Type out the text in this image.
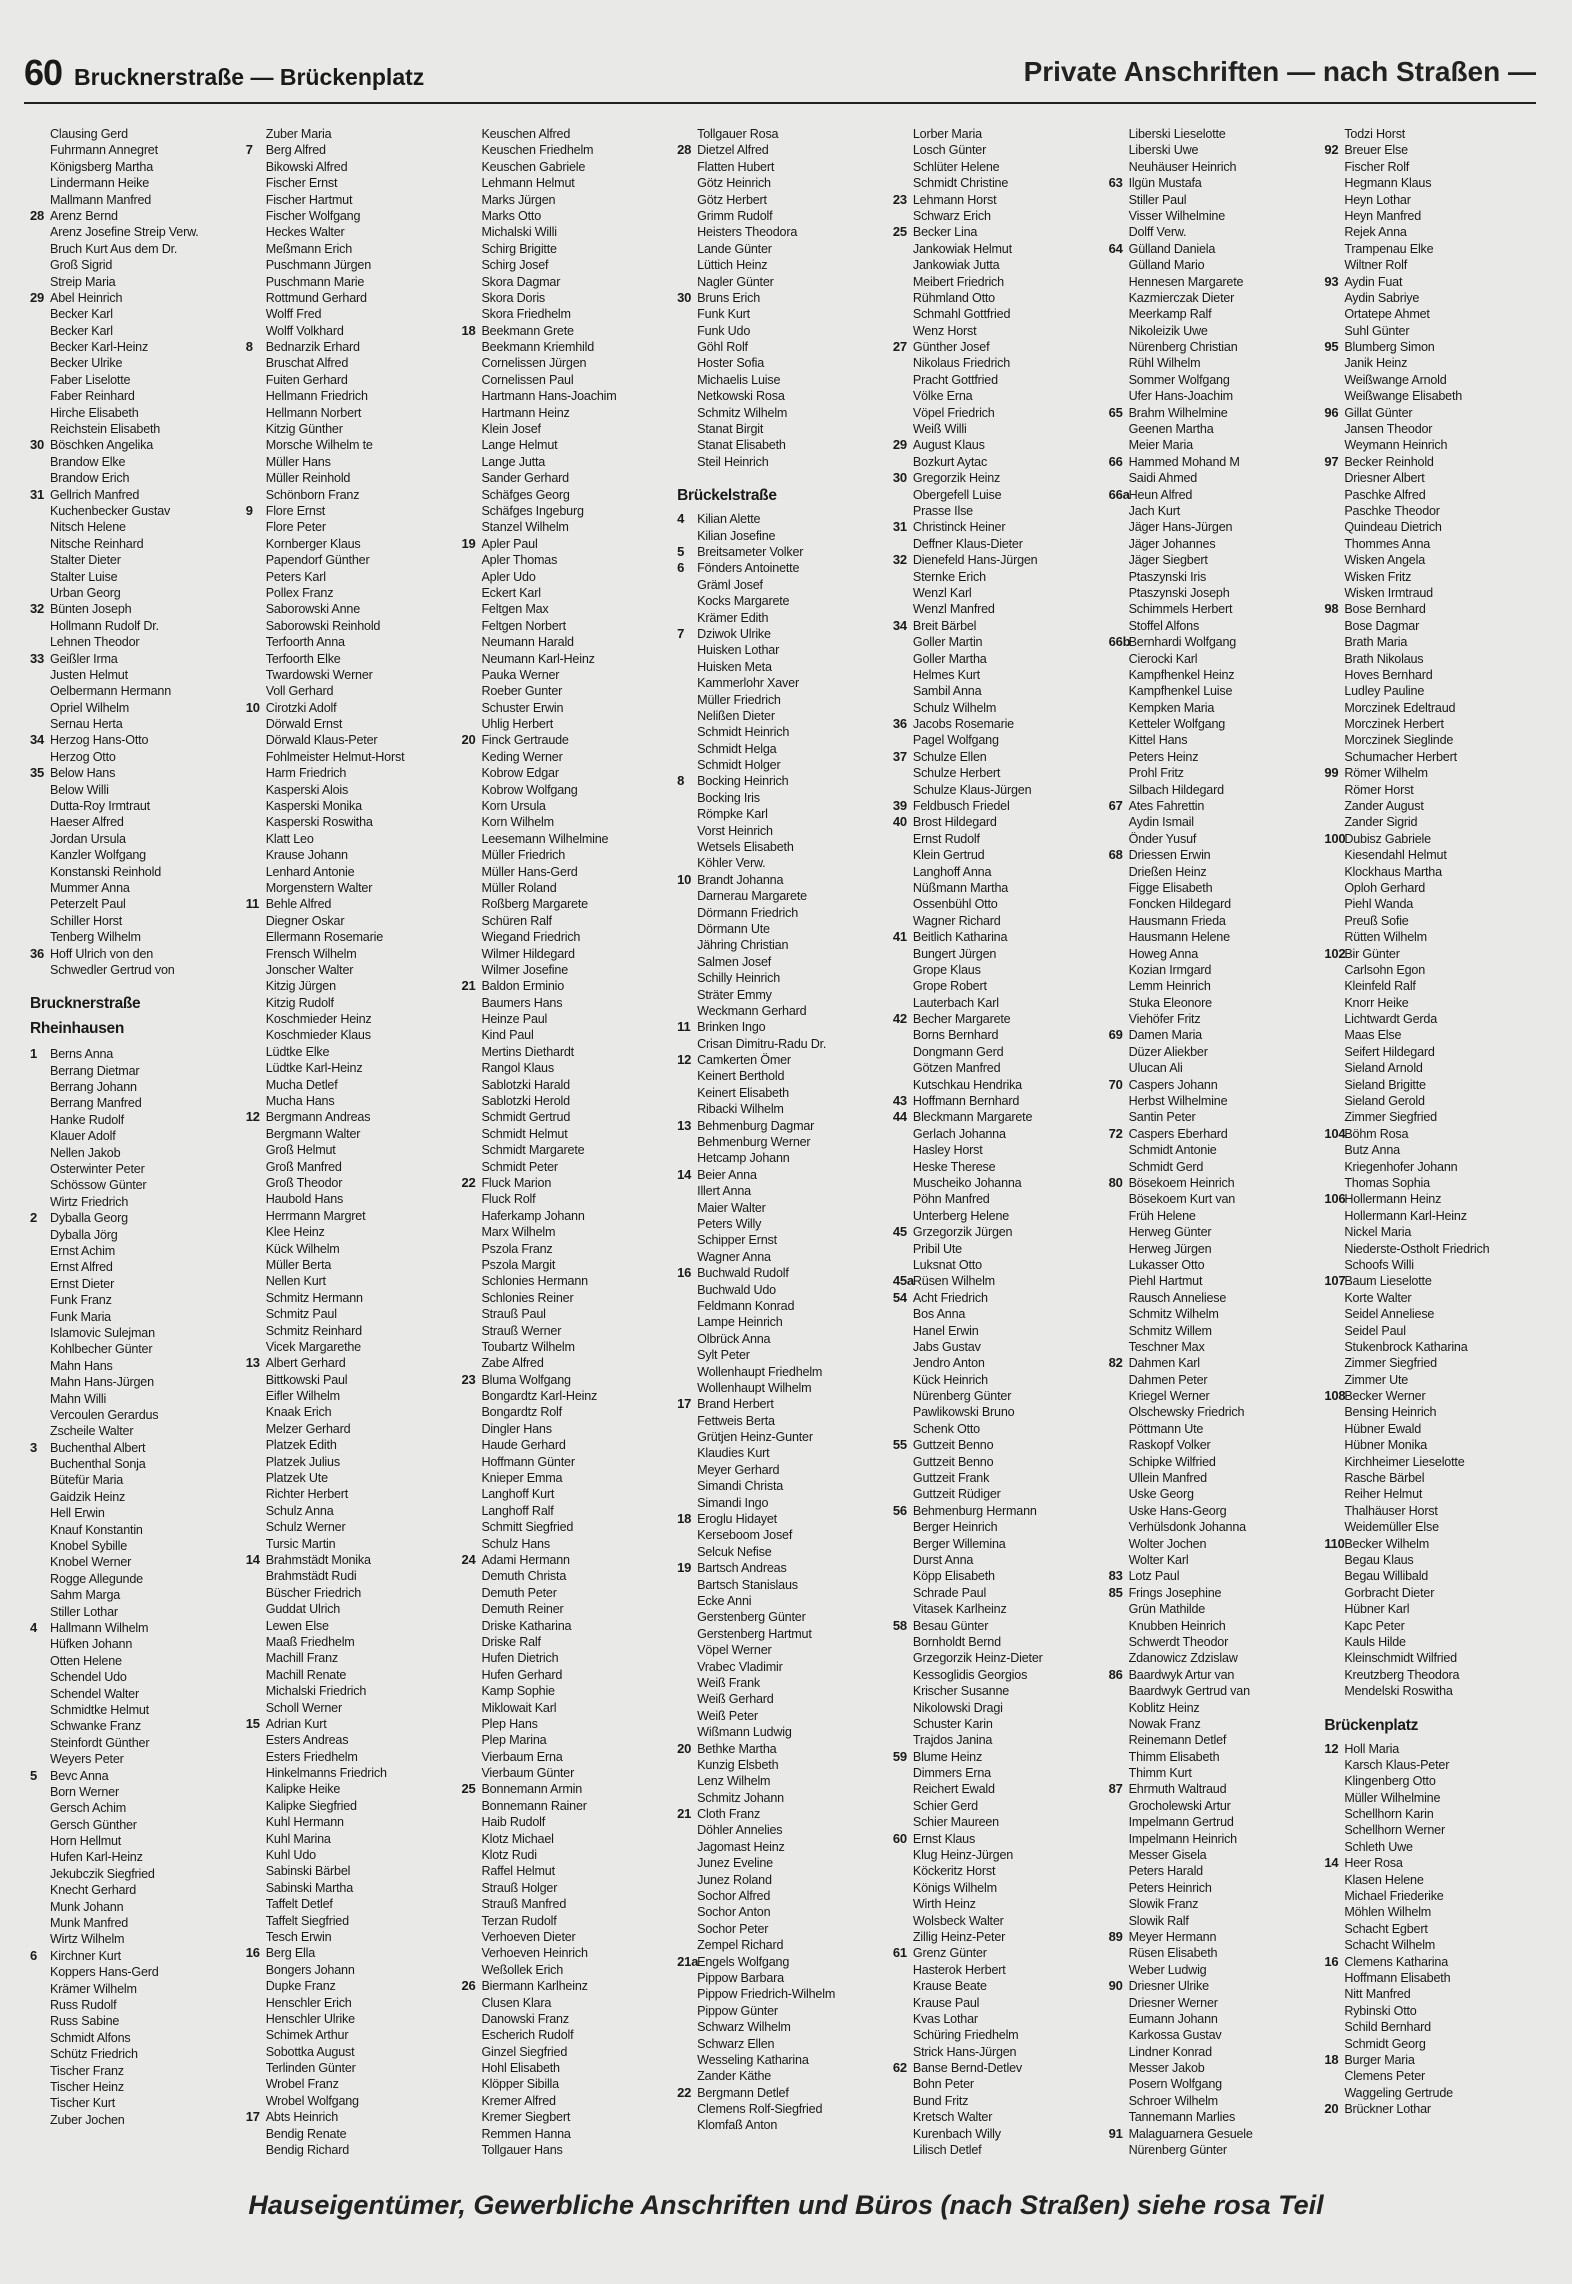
60 Brucknerstraße — Brückenplatz	Private Anschriften — nach Straßen —
Clausing Gerd
Fuhrmann Annegret
Königsberg Martha
Lindermann Heike
Mallmann Manfred
28 Arenz Bernd
Arenz Josefine Streip Verw.
Bruch Kurt Aus dem Dr.
Groß Sigrid
Streip Maria
29 Abel Heinrich
Becker Karl
Becker Karl
Becker Karl-Heinz
Becker Ulrike
Faber Liselotte
Faber Reinhard
Hirche Elisabeth
Reichstein Elisabeth
30 Böschken Angelika
Brandow Elke
Brandow Erich
31 Gellrich Manfred
Kuchenbecker Gustav
Nitsch Helene
Nitsche Reinhard
Stalter Dieter
Stalter Luise
Urban Georg
32 Bünten Joseph
Hollmann Rudolf Dr.
Lehnen Theodor
33 Geißler Irma
Justen Helmut
Oelbermann Hermann
Opriel Wilhelm
Sernau Herta
34 Herzog Hans-Otto
Herzog Otto
35 Below Hans
Below Willi
Dutta-Roy Irmtraut
Haeser Alfred
Jordan Ursula
Kanzler Wolfgang
Konstanski Reinhold
Mummer Anna
Peterzelt Paul
Schiller Horst
Tenberg Wilhelm
36 Hoff Ulrich von den
Schwedler Gertrud von
Brucknerstraße
Rheinhausen
1 Berns Anna
Berrang Dietmar
Berrang Johann
Berrang Manfred
Hanke Rudolf
Klauer Adolf
Nellen Jakob
Osterwinter Peter
Schössow Günter
Wirtz Friedrich
2 Dyballa Georg
Dyballa Jörg
Ernst Achim
Ernst Alfred
Ernst Dieter
Funk Franz
Funk Maria
Islamovic Sulejman
Kohlbecher Günter
Mahn Hans
Mahn Hans-Jürgen
Mahn Willi
Vercoulen Gerardus
Zscheile Walter
3 Buchenthal Albert
Buchenthal Sonja
Bütefür Maria
Gaidzik Heinz
Hell Erwin
Knauf Konstantin
Knobel Sybille
Knobel Werner
Rogge Allegunde
Sahm Marga
Stiller Lothar
4 Hallmann Wilhelm
Hüfken Johann
Otten Helene
Schendel Udo
Schendel Walter
Schmidtke Helmut
Schwanke Franz
Steinfordt Günther
Weyers Peter
5 Bevc Anna
Born Werner
Gersch Achim
Gersch Günther
Horn Hellmut
Hufen Karl-Heinz
Jekubczik Siegfried
Knecht Gerhard
Munk Johann
Munk Manfred
Wirtz Wilhelm
6 Kirchner Kurt
Koppers Hans-Gerd
Krämer Wilhelm
Russ Rudolf
Russ Sabine
Schmidt Alfons
Schütz Friedrich
Tischer Franz
Tischer Heinz
Tischer Kurt
Zuber Jochen
Zuber Maria
7 Berg Alfred
Bikowski Alfred
Fischer Ernst
Fischer Hartmut
Fischer Wolfgang
Heckes Walter
Meßmann Erich
Puschmann Jürgen
Puschmann Marie
Rottmund Gerhard
Wolff Fred
Wolff Volkhard
8 Bednarzik Erhard
Bruschat Alfred
Fuiten Gerhard
Hellmann Friedrich
Hellmann Norbert
Kitzig Günther
Morsche Wilhelm te
Müller Hans
Müller Reinhold
Schönborn Franz
9 Flore Ernst
Flore Peter
Kornberger Klaus
Papendorf Günther
Peters Karl
Pollex Franz
Saborowski Anne
Saborowski Reinhold
Terfoorth Anna
Terfoorth Elke
Twardowski Werner
Voll Gerhard
10 Cirotzki Adolf
Dörwald Ernst
Dörwald Klaus-Peter
Fohlmeister Helmut-Horst
Harm Friedrich
Kasperski Alois
Kasperski Monika
Kasperski Roswitha
Klatt Leo
Krause Johann
Lenhard Antonie
Morgenstern Walter
11 Behle Alfred
Diegner Oskar
Ellermann Rosemarie
Frensch Wilhelm
Jonscher Walter
Kitzig Jürgen
Kitzig Rudolf
Koschmieder Heinz
Koschmieder Klaus
Lüdtke Elke
Lüdtke Karl-Heinz
Mucha Detlef
Mucha Hans
12 Bergmann Andreas
Bergmann Walter
Groß Helmut
Groß Manfred
Groß Theodor
Haubold Hans
Herrmann Margret
Klee Heinz
Kück Wilhelm
Müller Berta
Nellen Kurt
Schmitz Hermann
Schmitz Paul
Schmitz Reinhard
Vicek Margarethe
13 Albert Gerhard
Bittkowski Paul
Eifler Wilhelm
Knaak Erich
Melzer Gerhard
Platzek Edith
Platzek Julius
Platzek Ute
Richter Herbert
Schulz Anna
Schulz Werner
Tursic Martin
14 Brahmstädt Monika
Brahmstädt Rudi
Büscher Friedrich
Guddat Ulrich
Lewen Else
Maaß Friedhelm
Machill Franz
Machill Renate
Michalski Friedrich
Scholl Werner
15 Adrian Kurt
Esters Andreas
Esters Friedhelm
Hinkelmanns Friedrich
Kalipke Heike
Kalipke Siegfried
Kuhl Hermann
Kuhl Marina
Kuhl Udo
Sabinski Bärbel
Sabinski Martha
Taffelt Detlef
Taffelt Siegfried
Tesch Erwin
16 Berg Ella
Bongers Johann
Dupke Franz
Henschler Erich
Henschler Ulrike
Schimek Arthur
Sobottka August
Terlinden Günter
Wrobel Franz
Wrobel Wolfgang
17 Abts Heinrich
Bendig Renate
Bendig Richard
Keuschen Alfred
Keuschen Friedhelm
Keuschen Gabriele
Lehmann Helmut
Marks Jürgen
Marks Otto
Michalski Willi
Schirg Brigitte
Schirg Josef
Skora Dagmar
Skora Doris
Skora Friedhelm
18 Beekmann Grete
Beekmann Kriemhild
Cornelissen Jürgen
Cornelissen Paul
Hartmann Hans-Joachim
Hartmann Heinz
Klein Josef
Lange Helmut
Lange Jutta
Sander Gerhard
Schäfges Georg
Schäfges Ingeburg
Stanzel Wilhelm
19 Apler Paul
Apler Thomas
Apler Udo
Eckert Karl
Feltgen Max
Feltgen Norbert
Neumann Harald
Neumann Karl-Heinz
Pauka Werner
Roeber Gunter
Schuster Erwin
Uhlig Herbert
20 Finck Gertraude
Keding Werner
Kobrow Edgar
Kobrow Wolfgang
Korn Ursula
Korn Wilhelm
Leesemann Wilhelmine
Müller Friedrich
Müller Hans-Gerd
Müller Roland
Roßberg Margarete
Schüren Ralf
Wiegand Friedrich
Wilmer Hildegard
Wilmer Josefine
21 Baldon Erminio
Baumers Hans
Heinze Paul
Kind Paul
Mertins Diethardt
Rangol Klaus
Sablotzki Harald
Sablotzki Herold
Schmidt Gertrud
Schmidt Helmut
Schmidt Margarete
Schmidt Peter
22 Fluck Marion
Fluck Rolf
Haferkamp Johann
Marx Wilhelm
Pszola Franz
Pszola Margit
Schlonies Hermann
Schlonies Reiner
Strauß Paul
Strauß Werner
Toubartz Wilhelm
Zabe Alfred
23 Bluma Wolfgang
Bongardtz Karl-Heinz
Bongardtz Rolf
Dingler Hans
Haude Gerhard
Hoffmann Günter
Knieper Emma
Langhoff Kurt
Langhoff Ralf
Schmitt Siegfried
Schulz Hans
24 Adami Hermann
Demuth Christa
Demuth Peter
Demuth Reiner
Driske Katharina
Driske Ralf
Hufen Dietrich
Hufen Gerhard
Kamp Sophie
Miklowait Karl
Plep Hans
Plep Marina
Vierbaum Erna
Vierbaum Günter
25 Bonnemann Armin
Bonnemann Rainer
Haib Rudolf
Klotz Michael
Klotz Rudi
Raffel Helmut
Strauß Holger
Strauß Manfred
Terzan Rudolf
Verhoeven Dieter
Verhoeven Heinrich
Weßollek Erich
26 Biermann Karlheinz
Clusen Klara
Danowski Franz
Escherich Rudolf
Ginzel Siegfried
Hohl Elisabeth
Klöpper Sibilla
Kremer Alfred
Kremer Siegbert
Remmen Hanna
Tollgauer Hans
Tollgauer Rosa
28 Dietzel Alfred
Flatten Hubert
Götz Heinrich
Götz Herbert
Grimm Rudolf
Heisters Theodora
Lande Günter
Lüttich Heinz
Nagler Günter
30 Bruns Erich
Funk Kurt
Funk Udo
Göhl Rolf
Hoster Sofia
Michaelis Luise
Netkowski Rosa
Schmitz Wilhelm
Stanat Birgit
Stanat Elisabeth
Steil Heinrich
Brückelstraße
4 Kilian Alette
Kilian Josefine
5 Breitsameter Volker
6 Fönders Antoinette
Gräml Josef
Kocks Margarete
Krämer Edith
7 Dziwok Ulrike
Huisken Lothar
Huisken Meta
Kammerlohr Xaver
Müller Friedrich
Nelißen Dieter
Schmidt Heinrich
Schmidt Helga
Schmidt Holger
8 Bocking Heinrich
Bocking Iris
Römpke Karl
Vorst Heinrich
Wetsels Elisabeth
Köhler Verw.
10 Brandt Johanna
Darnerau Margarete
Dörmann Friedrich
Dörmann Ute
Jähring Christian
Salmen Josef
Schilly Heinrich
Sträter Emmy
Weckmann Gerhard
11 Brinken Ingo
Crisan Dimitru-Radu Dr.
12 Camkerten Ömer
Keinert Berthold
Keinert Elisabeth
Ribacki Wilhelm
13 Behmenburg Dagmar
Behmenburg Werner
Hetcamp Johann
14 Beier Anna
Illert Anna
Maier Walter
Peters Willy
Schipper Ernst
Wagner Anna
16 Buchwald Rudolf
Buchwald Udo
Feldmann Konrad
Lampe Heinrich
Olbrück Anna
Sylt Peter
Wollenhaupt Friedhelm
Wollenhaupt Wilhelm
17 Brand Herbert
Fettweis Berta
Grütjen Heinz-Gunter
Klaudies Kurt
Meyer Gerhard
Simandi Christa
Simandi Ingo
18 Eroglu Hidayet
Kerseboom Josef
Selcuk Nefise
19 Bartsch Andreas
Bartsch Stanislaus
Ecke Anni
Gerstenberg Günter
Gerstenberg Hartmut
Vöpel Werner
Vrabec Vladimir
Weiß Frank
Weiß Gerhard
Weiß Peter
Wißmann Ludwig
20 Bethke Martha
Kunzig Elsbeth
Lenz Wilhelm
Schmitz Johann
21 Cloth Franz
Döhler Annelies
Jagomast Heinz
Junez Eveline
Junez Roland
Sochor Alfred
Sochor Anton
Sochor Peter
Zempel Richard
21aEngels Wolfgang
Pippow Barbara
Pippow Friedrich-Wilhelm
Pippow Günter
Schwarz Wilhelm
Schwarz Ellen
Wesseling Katharina
Zander Käthe
22 Bergmann Detlef
Clemens Rolf-Siegfried
Klomfaß Anton
Lorber Maria
Losch Günter
Schlüter Helene
Schmidt Christine
23 Lehmann Horst
Schwarz Erich
25 Becker Lina
Jankowiak Helmut
Jankowiak Jutta
Meibert Friedrich
Rühmland Otto
Schmahl Gottfried
Wenz Horst
27 Günther Josef
Nikolaus Friedrich
Pracht Gottfried
Völke Erna
Vöpel Friedrich
Weiß Willi
29 August Klaus
Bozkurt Aytac
30 Gregorzik Heinz
Obergefell Luise
Prasse Ilse
31 Christinck Heiner
Deffner Klaus-Dieter
32 Dienefeld Hans-Jürgen
Sternke Erich
Wenzl Karl
Wenzl Manfred
34 Breit Bärbel
Goller Martin
Goller Martha
Helmes Kurt
Sambil Anna
Schulz Wilhelm
36 Jacobs Rosemarie
Pagel Wolfgang
37 Schulze Ellen
Schulze Herbert
Schulze Klaus-Jürgen
39 Feldbusch Friedel
40 Brost Hildegard
Ernst Rudolf
Klein Gertrud
Langhoff Anna
Nüßmann Martha
Ossenbühl Otto
Wagner Richard
41 Beitlich Katharina
Bungert Jürgen
Grope Klaus
Grope Robert
Lauterbach Karl
42 Becher Margarete
Borns Bernhard
Dongmann Gerd
Götzen Manfred
Kutschkau Hendrika
43 Hoffmann Bernhard
44 Bleckmann Margarete
Gerlach Johanna
Hasley Horst
Heske Therese
Muscheiko Johanna
Pöhn Manfred
Unterberg Helene
45 Grzegorzik Jürgen
Pribil Ute
Luksnat Otto
45aRüsen Wilhelm
54 Acht Friedrich
Bos Anna
Hanel Erwin
Jabs Gustav
Jendro Anton
Kück Heinrich
Nürenberg Günter
Pawlikowski Bruno
Schenk Otto
55 Guttzeit Benno
Guttzeit Benno
Guttzeit Frank
Guttzeit Rüdiger
56 Behmenburg Hermann
Berger Heinrich
Berger Willemina
Durst Anna
Köpp Elisabeth
Schrade Paul
Vitasek Karlheinz
58 Besau Günter
Bornholdt Bernd
Grzegorzik Heinz-Dieter
Kessoglidis Georgios
Krischer Susanne
Nikolowski Dragi
Schuster Karin
Trajdos Janina
59 Blume Heinz
Dimmers Erna
Reichert Ewald
Schier Gerd
Schier Maureen
60 Ernst Klaus
Klug Heinz-Jürgen
Köckeritz Horst
Königs Wilhelm
Wirth Heinz
Wolsbeck Walter
Zillig Heinz-Peter
61 Grenz Günter
Hasterok Herbert
Krause Beate
Krause Paul
Kvas Lothar
Schüring Friedhelm
Strick Hans-Jürgen
62 Banse Bernd-Detlev
Bohn Peter
Bund Fritz
Kretsch Walter
Kurenbach Willy
Lilisch Detlef
Liberski Lieselotte
Liberski Uwe
Neuhäuser Heinrich
63 Ilgün Mustafa
Stiller Paul
Visser Wilhelmine
Dolff Verw.
64 Gülland Daniela
Gülland Mario
Hennesen Margarete
Kazmierczak Dieter
Meerkamp Ralf
Nikoleizik Uwe
Nürenberg Christian
Rühl Wilhelm
Sommer Wolfgang
Ufer Hans-Joachim
65 Brahm Wilhelmine
Geenen Martha
Meier Maria
66 Hammed Mohand M
Saidi Ahmed
66aHeun Alfred
Jach Kurt
Jäger Hans-Jürgen
Jäger Johannes
Jäger Siegbert
Ptaszynski Iris
Ptaszynski Joseph
Schimmels Herbert
Stoffel Alfons
66bBernhardi Wolfgang
Cierocki Karl
Kampfhenkel Heinz
Kampfhenkel Luise
Kempken Maria
Ketteler Wolfgang
Kittel Hans
Peters Heinz
Prohl Fritz
Silbach Hildegard
67 Ates Fahrettin
Aydin Ismail
Önder Yusuf
68 Driessen Erwin
Drießen Heinz
Figge Elisabeth
Foncken Hildegard
Hausmann Frieda
Hausmann Helene
Howeg Anna
Kozian Irmgard
Lemm Heinrich
Stuka Eleonore
Viehöfer Fritz
69 Damen Maria
Düzer Aliekber
Ulucan Ali
70 Caspers Johann
Herbst Wilhelmine
Santin Peter
72 Caspers Eberhard
Schmidt Antonie
Schmidt Gerd
80 Bösekoem Heinrich
Bösekoem Kurt van
Früh Helene
Herweg Günter
Herweg Jürgen
Lukasser Otto
Piehl Hartmut
Rausch Anneliese
Schmitz Wilhelm
Schmitz Willem
Teschner Max
82 Dahmen Karl
Dahmen Peter
Kriegel Werner
Olschewsky Friedrich
Pöttmann Ute
Raskopf Volker
Schipke Wilfried
Ullein Manfred
Uske Georg
Uske Hans-Georg
Verhülsdonk Johanna
Wolter Jochen
Wolter Karl
83 Lotz Paul
85 Frings Josephine
Grün Mathilde
Knubben Heinrich
Schwerdt Theodor
Zdanowicz Zdzislaw
86 Baardwyk Artur van
Baardwyk Gertrud van
Koblitz Heinz
Nowak Franz
Reinemann Detlef
Thimm Elisabeth
Thimm Kurt
87 Ehrmuth Waltraud
Grocholewski Artur
Impelmann Gertrud
Impelmann Heinrich
Messer Gisela
Peters Harald
Peters Heinrich
Slowik Franz
Slowik Ralf
89 Meyer Hermann
Rüsen Elisabeth
Weber Ludwig
90 Driesner Ulrike
Driesner Werner
Eumann Johann
Karkossa Gustav
Lindner Konrad
Messer Jakob
Posern Wolfgang
Schroer Wilhelm
Tannemann Marlies
91 Malaguarnera Gesuele
Nürenberg Günter
Todzi Horst
92 Breuer Else
Fischer Rolf
Hegmann Klaus
Heyn Lothar
Heyn Manfred
Rejek Anna
Trampenau Elke
Wiltner Rolf
93 Aydin Fuat
Aydin Sabriye
Ortatepe Ahmet
Suhl Günter
95 Blumberg Simon
Janik Heinz
Weißwange Arnold
Weißwange Elisabeth
96 Gillat Günter
Jansen Theodor
Weymann Heinrich
97 Becker Reinhold
Driesner Albert
Paschke Alfred
Paschke Theodor
Quindeau Dietrich
Thommes Anna
Wisken Angela
Wisken Fritz
Wisken Irmtraud
98 Bose Bernhard
Bose Dagmar
Brath Maria
Brath Nikolaus
Hoves Bernhard
Ludley Pauline
Morczinek Edeltraud
Morczinek Herbert
Morczinek Sieglinde
Schumacher Herbert
99 Römer Wilhelm
Römer Horst
Zander August
Zander Sigrid
100Dubisz Gabriele
Kiesendahl Helmut
Klockhaus Martha
Oploh Gerhard
Piehl Wanda
Preuß Sofie
Rütten Wilhelm
102Bir Günter
Carlsohn Egon
Kleinfeld Ralf
Knorr Heike
Lichtwardt Gerda
Maas Else
Seifert Hildegard
Sieland Arnold
Sieland Brigitte
Sieland Gerold
Zimmer Siegfried
104Böhm Rosa
Butz Anna
Kriegenhofer Johann
Thomas Sophia
106Hollermann Heinz
Hollermann Karl-Heinz
Nickel Maria
Niederste-Ostholt Friedrich
Schoofs Willi
107Baum Lieselotte
Korte Walter
Seidel Anneliese
Seidel Paul
Stukenbrock Katharina
Zimmer Siegfried
Zimmer Ute
108Becker Werner
Bensing Heinrich
Hübner Ewald
Hübner Monika
Kirchheimer Lieselotte
Rasche Bärbel
Reiher Helmut
Thalhäuser Horst
Weidemüller Else
110Becker Wilhelm
Begau Klaus
Begau Willibald
Gorbracht Dieter
Hübner Karl
Kapc Peter
Kauls Hilde
Kleinschmidt Wilfried
Kreutzberg Theodora
Mendelski Roswitha
Brückenplatz
12 Holl Maria
Karsch Klaus-Peter
Klingenberg Otto
Müller Wilhelmine
Schellhorn Karin
Schellhorn Werner
Schleth Uwe
14 Heer Rosa
Klasen Helene
Michael Friederike
Möhlen Wilhelm
Schacht Egbert
Schacht Wilhelm
16 Clemens Katharina
Hoffmann Elisabeth
Nitt Manfred
Rybinski Otto
Schild Bernhard
Schmidt Georg
18 Burger Maria
Clemens Peter
Waggeling Gertrude
20 Brückner Lothar
Hauseigentümer, Gewerbliche Anschriften und Büros (nach Straßen) siehe rosa Teil
